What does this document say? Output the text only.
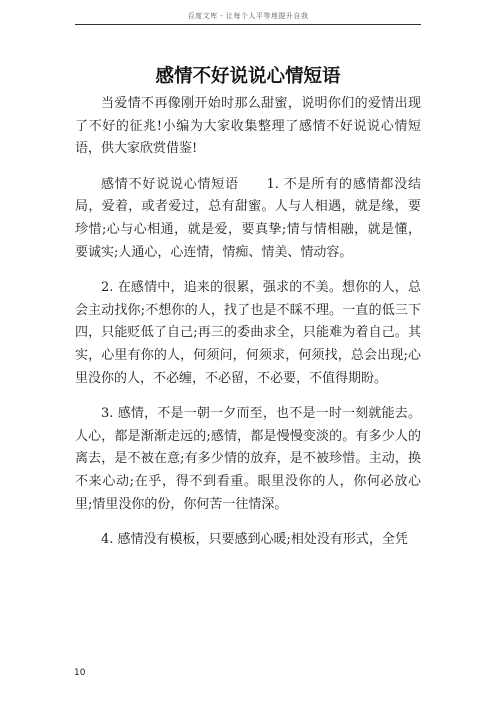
百度文库 - 让每个人平等地提升自我
感情不好说说心情短语

当爱情不再像刚开始时那么甜蜜，说明你们的爱情出现了不好的征兆!小编为大家收集整理了感情不好说说心情短语，供大家欣赏借鉴!

感情不好说说心情短语　　1. 不是所有的感情都没结局，爱着，或者爱过，总有甜蜜。人与人相遇，就是缘，要珍惜;心与心相通，就是爱，要真挚;情与情相融，就是懂，要诚实;人通心，心连情，情痴、情美、情动容。

2. 在感情中，追来的很累，强求的不美。想你的人，总会主动找你;不想你的人，找了也是不睬不理。一直的低三下四，只能贬低了自己;再三的委曲求全，只能难为着自己。其实，心里有你的人，何须问，何须求，何须找，总会出现;心里没你的人，不必缠，不必留，不必要，不值得期盼。

3. 感情，不是一朝一夕而至，也不是一时一刻就能去。人心，都是渐渐走远的;感情，都是慢慢变淡的。有多少人的离去，是不被在意;有多少情的放弃，是不被珍惜。主动，换不来心动;在乎，得不到看重。眼里没你的人，你何必放心里;情里没你的份，你何苦一往情深。

4. 感情没有模板，只要感到心暖;相处没有形式，全凭

10
